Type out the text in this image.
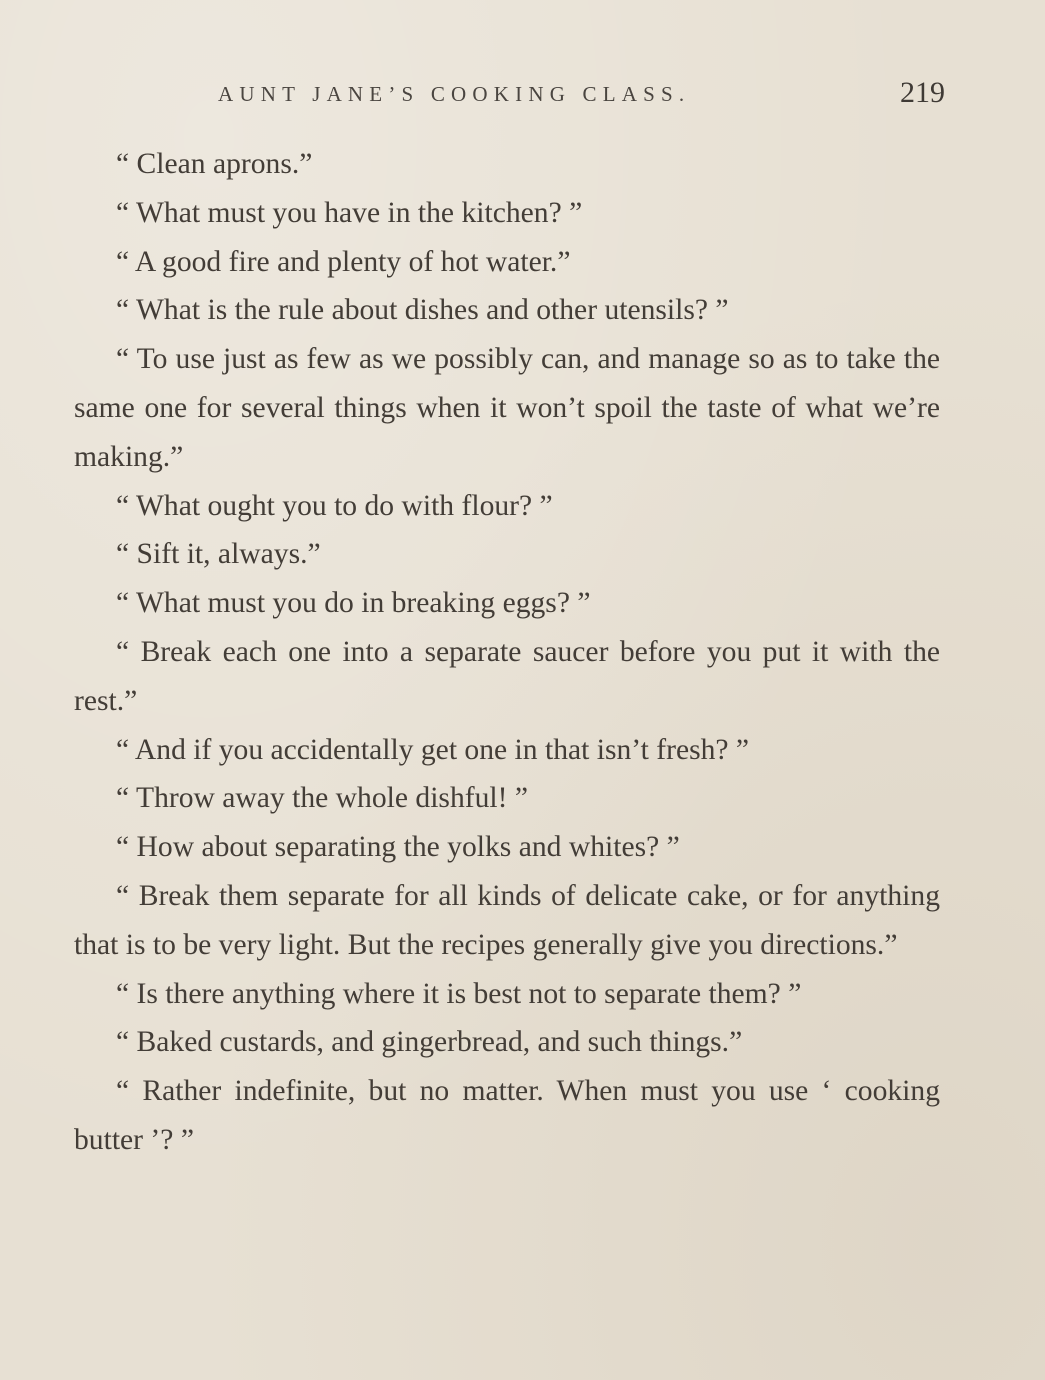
AUNT JANE’S COOKING CLASS.	219

“ Clean aprons.”

“ What must you have in the kitchen? ”

“ A good fire and plenty of hot water.”

“ What is the rule about dishes and other utensils? ”

“ To use just as few as we possibly can, and manage so as to take the same one for several things when it won’t spoil the taste of what we’re making.”

“ What ought you to do with flour? ”

“ Sift it, always.”

“ What must you do in breaking eggs? ”

“ Break each one into a separate saucer before you put it with the rest.”

“ And if you accidentally get one in that isn’t fresh? ”

“ Throw away the whole dishful! ”

“ How about separating the yolks and whites? ”

“ Break them separate for all kinds of delicate cake, or for anything that is to be very light. But the recipes generally give you directions.”

“ Is there anything where it is best not to separate them? ”

“ Baked custards, and gingerbread, and such things.”

“ Rather indefinite, but no matter. When must you use ‘ cooking butter ’? ”
